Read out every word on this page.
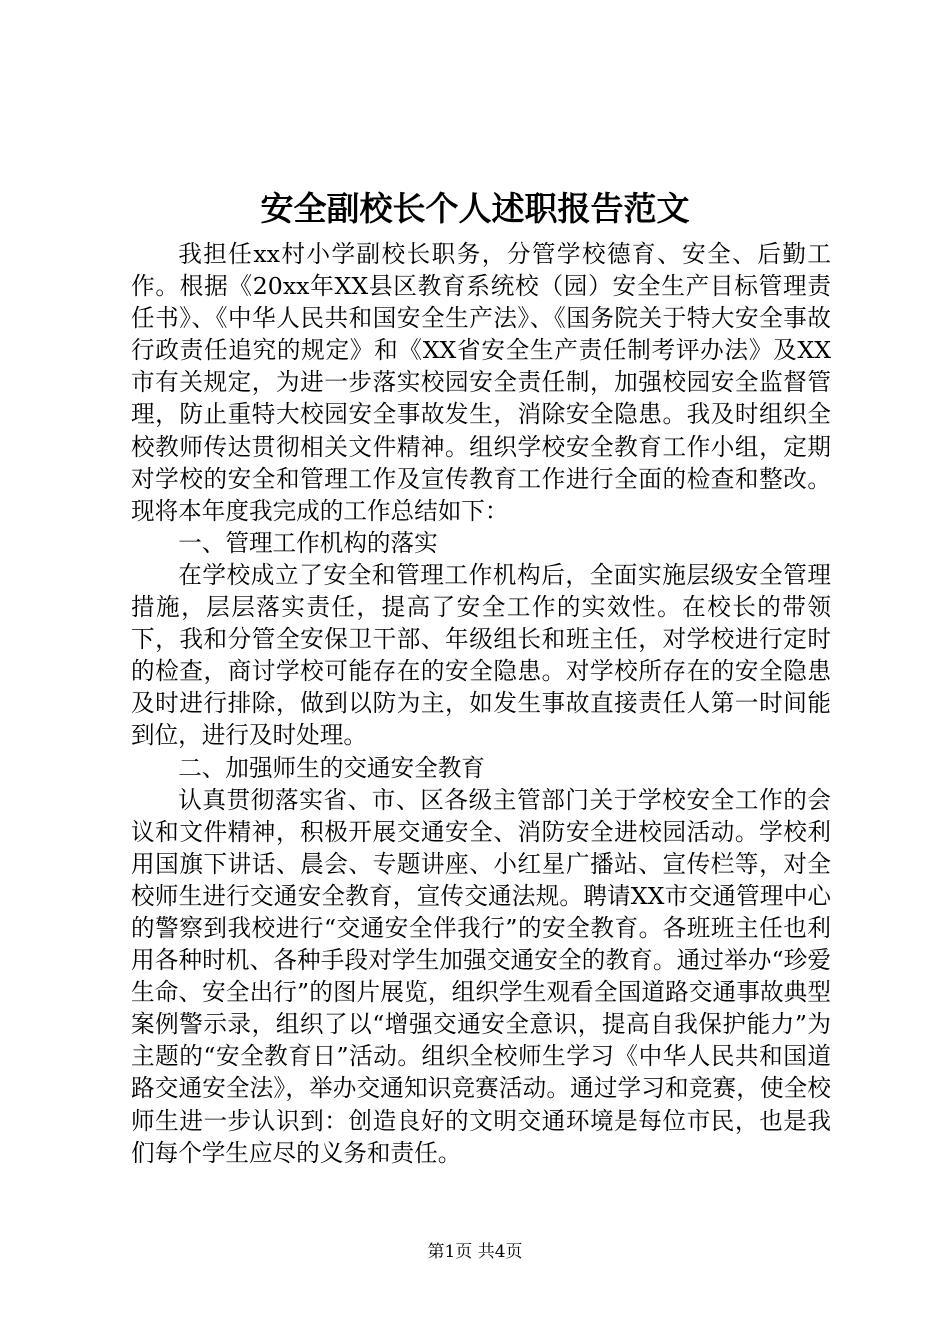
安全副校长个人述职报告范文

我担任xx村小学副校长职务，分管学校德育、安全、后勤工作。根据《20xx年XX县区教育系统校（园）安全生产目标管理责任书》、《中华人民共和国安全生产法》、《国务院关于特大安全事故行政责任追究的规定》和《XX省安全生产责任制考评办法》及XX市有关规定，为进一步落实校园安全责任制，加强校园安全监督管理，防止重特大校园安全事故发生，消除安全隐患。我及时组织全校教师传达贯彻相关文件精神。组织学校安全教育工作小组，定期对学校的安全和管理工作及宣传教育工作进行全面的检查和整改。现将本年度我完成的工作总结如下：

一、管理工作机构的落实

在学校成立了安全和管理工作机构后，全面实施层级安全管理措施，层层落实责任，提高了安全工作的实效性。在校长的带领下，我和分管全安保卫干部、年级组长和班主任，对学校进行定时的检查，商讨学校可能存在的安全隐患。对学校所存在的安全隐患及时进行排除，做到以防为主，如发生事故直接责任人第一时间能到位，进行及时处理。

二、加强师生的交通安全教育

认真贯彻落实省、市、区各级主管部门关于学校安全工作的会议和文件精神，积极开展交通安全、消防安全进校园活动。学校利用国旗下讲话、晨会、专题讲座、小红星广播站、宣传栏等，对全校师生进行交通安全教育，宣传交通法规。聘请XX市交通管理中心的警察到我校进行“交通安全伴我行”的安全教育。各班班主任也利用各种时机、各种手段对学生加强交通安全的教育。通过举办“珍爱生命、安全出行”的图片展览，组织学生观看全国道路交通事故典型案例警示录，组织了以“增强交通安全意识，提高自我保护能力”为主题的“安全教育日”活动。组织全校师生学习《中华人民共和国道路交通安全法》，举办交通知识竞赛活动。通过学习和竞赛，使全校师生进一步认识到：创造良好的文明交通环境是每位市民，也是我们每个学生应尽的义务和责任。

第1页 共4页
